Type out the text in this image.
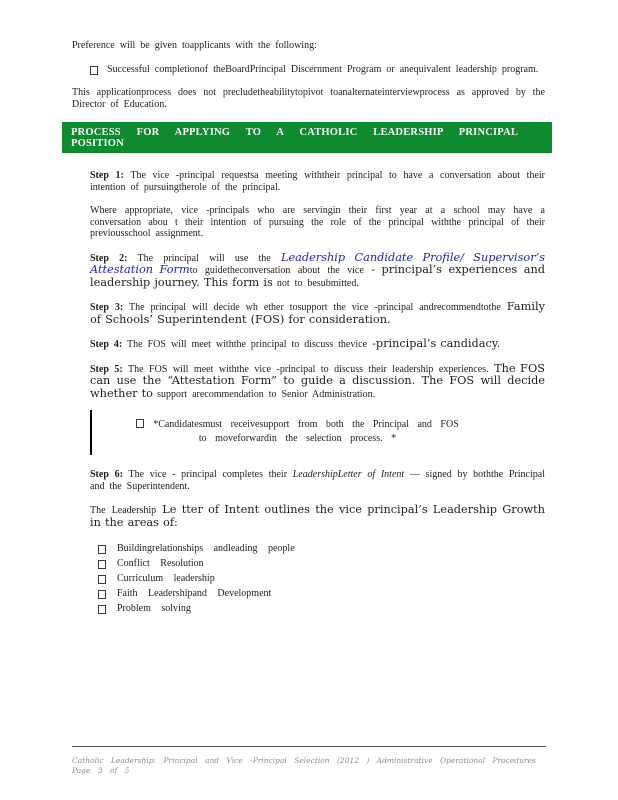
Preference will be given toapplicants with the following:

Successful completionof theBoardPrincipal Discernment Program or anequivalent leadership program.

This applicationprocess does not precludetheabilitytopivot toanalternateinterviewprocess as approved by the Director of Education.

PROCESS FOR APPLYING TO A CATHOLIC LEADERSHIP PRINCIPAL POSITION

Step 1: The vice -principal requestsa meeting withtheir principal to have a conversation about their intention of pursuingtherole of the principal.

Where appropriate, vice -principals who are servingin their first year at a school may have a conversation abou t their intention of pursuing the role of the principal withthe principal of their previousschool assignment.

Step 2: The principal will use the Leadership Candidate Profile/ Supervisor’s Attestation Formto guidetheconversation about the vice - principal’s experiences and leadership journey. This form is not to besubmitted.

Step 3: The principal will decide wh ether tosupport the vice -principal andrecommendtothe Family of Schools’ Superintendent (FOS) for consideration.

Step 4: The FOS will meet withthe principal to discuss thevice -principal’s candidacy.

Step 5: The FOS will meet withthe vice -principal to discuss their leadership experiences. The FOS can use the “Attestation Form” to guide a discussion. The FOS will decide whether to support arecommendation to Senior Administration.

*Candidatesmust receivesupport from both the Principal and FOS
to moveforwardin the selection process. *

Step 6: The vice - principal completes their LeadershipLetter of Intent — signed by boththe Principal and the Superintendent.

The Leadership Le tter of Intent outlines the vice principal’s Leadership Growth in the areas of:

Buildingrelationships andleading people
Conflict Resolution
Curriculum leadership
Faith Leadershipand Development
Problem solving
Catholic Leadership: Principal and Vice -Principal Selection (2012 ) Administrative Operational Procedures
Page 3 of 5
